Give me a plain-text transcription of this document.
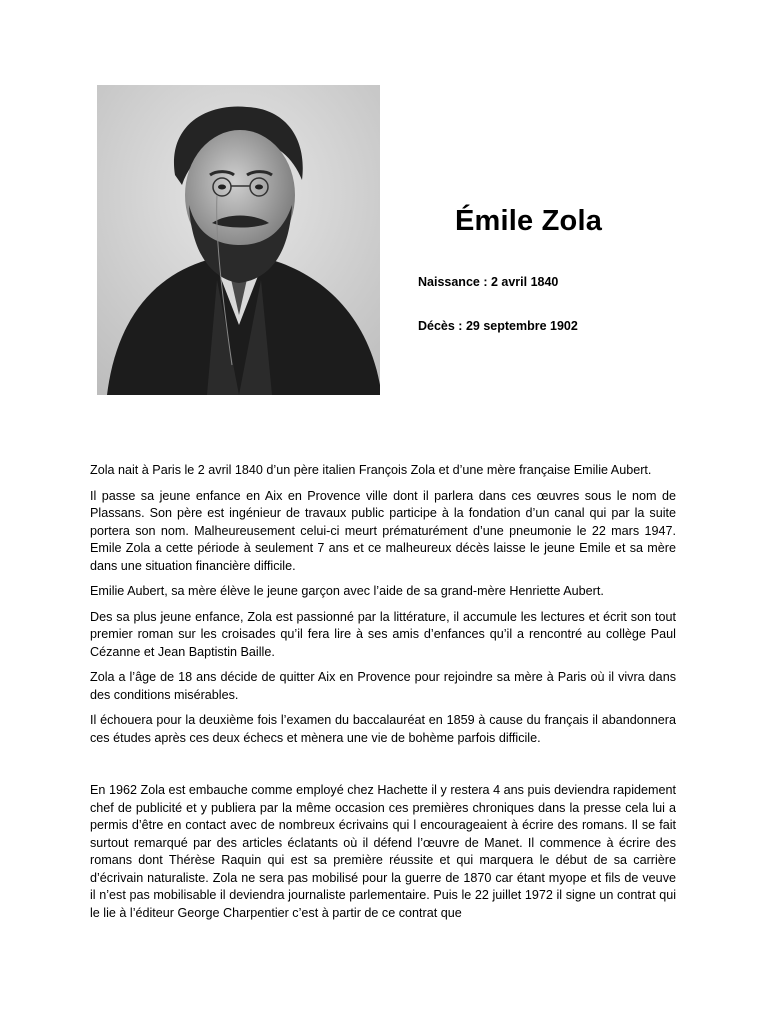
Émile Zola
Naissance : 2 avril 1840
Décès : 29 septembre 1902

Zola nait à Paris le 2 avril 1840 d’un père italien François Zola et d’une mère française Emilie Aubert.

Il passe sa jeune enfance en Aix en Provence ville dont il parlera dans ces œuvres sous le nom de Plassans. Son père est ingénieur de travaux public participe à la fondation d’un canal qui par la suite portera son nom. Malheureusement celui-ci meurt prématurément d’une pneumonie le 22 mars 1947. Emile Zola a cette période à seulement 7 ans et ce malheureux décès laisse le jeune Emile et sa mère dans une situation financière difficile.

Emilie Aubert, sa mère élève le jeune garçon avec l’aide de sa grand-mère Henriette Aubert.

Des sa plus jeune enfance, Zola est passionné par la littérature, il accumule les lectures et écrit son tout premier roman sur les croisades qu’il fera lire à ses amis d’enfances qu’il a rencontré au collège Paul Cézanne et Jean Baptistin Baille.

Zola a l’âge de 18 ans décide de quitter Aix en Provence pour rejoindre sa mère à Paris où il vivra dans des conditions misérables.

Il échouera pour la deuxième fois l’examen du baccalauréat en 1859 à cause du français il abandonnera ces études après ces deux échecs et mènera une vie de bohème parfois difficile.

En 1962 Zola est embauche comme employé chez Hachette il y restera 4 ans puis deviendra rapidement chef de publicité et y publiera par la même occasion ces premières chroniques dans la presse cela lui a permis d’être en contact avec de nombreux écrivains qui l encourageaient à écrire des romans. Il se fait surtout remarqué par des articles éclatants où il défend l’œuvre de Manet. Il commence à écrire des romans dont Thérèse Raquin qui est sa première réussite et qui marquera le début de sa carrière d’écrivain naturaliste. Zola ne sera pas mobilisé pour la guerre de 1870 car étant myope et fils de veuve il n’est pas mobilisable il deviendra journaliste parlementaire. Puis le 22 juillet 1972 il signe un contrat qui le lie à l’éditeur George Charpentier c’est à partir de ce contrat que
